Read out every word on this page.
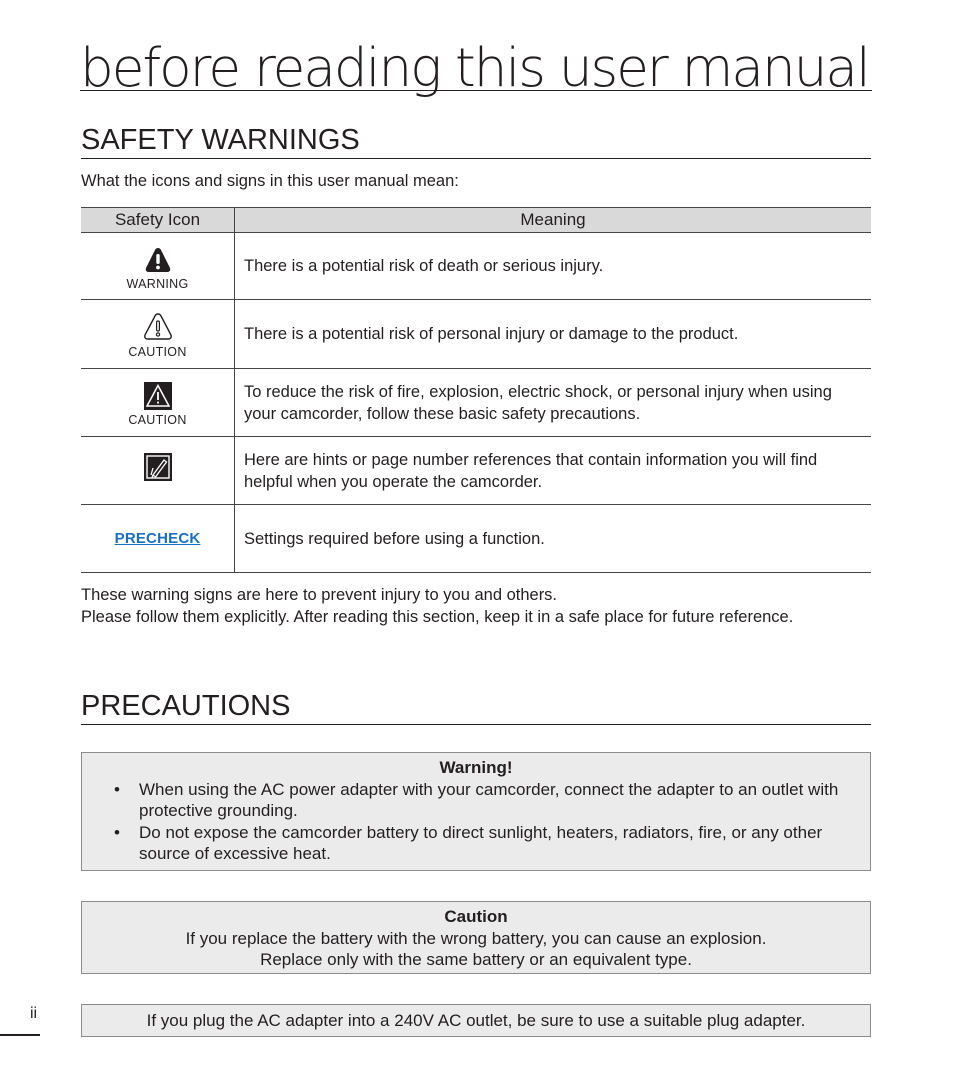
before reading this user manual
SAFETY WARNINGS
What the icons and signs in this user manual mean:
Safety Icon	Meaning

WARNING	There is a potential risk of death or serious injury.

CAUTION	There is a potential risk of personal injury or damage to the product.

CAUTION	To reduce the risk of fire, explosion, electric shock, or personal injury when using your camcorder, follow these basic safety precautions.

	Here are hints or page number references that contain information you will find helpful when you operate the camcorder.
PRECHECK	Settings required before using a function.
These warning signs are here to prevent injury to you and others.
Please follow them explicitly. After reading this section, keep it in a safe place for future reference.
PRECAUTIONS
Warning!
• When using the AC power adapter with your camcorder, connect the adapter to an outlet with protective grounding.
• Do not expose the camcorder battery to direct sunlight, heaters, radiators, fire, or any other source of excessive heat.
Caution
If you replace the battery with the wrong battery, you can cause an explosion.
Replace only with the same battery or an equivalent type.
ii	If you plug the AC adapter into a 240V AC outlet, be sure to use a suitable plug adapter.
